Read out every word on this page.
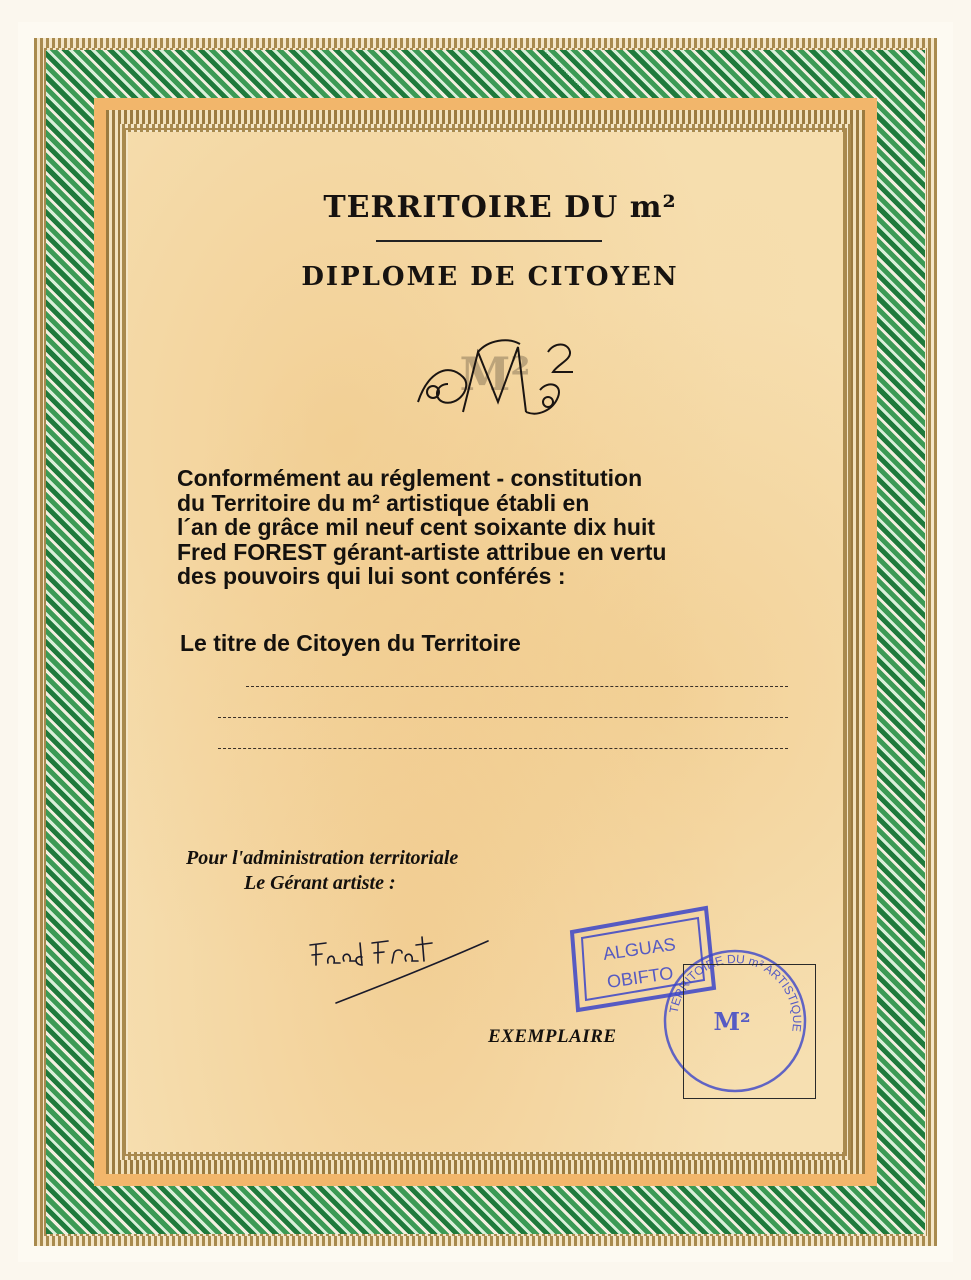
TERRITOIRE DU m²
DIPLOME DE CITOYEN
M²
Conformément au réglement - constitution
du Territoire du m² artistique établi en
l´an de grâce mil neuf cent soixante dix huit
Fred FOREST gérant-artiste attribue en vertu
des pouvoirs qui lui sont conférés :
Le titre de Citoyen du Territoire
Pour l'administration territoriale
Le Gérant artiste :
EXEMPLAIRE
ALGUAS
OBIFTO
TERRITOIRE DU m² ARTISTIQUE
M²
